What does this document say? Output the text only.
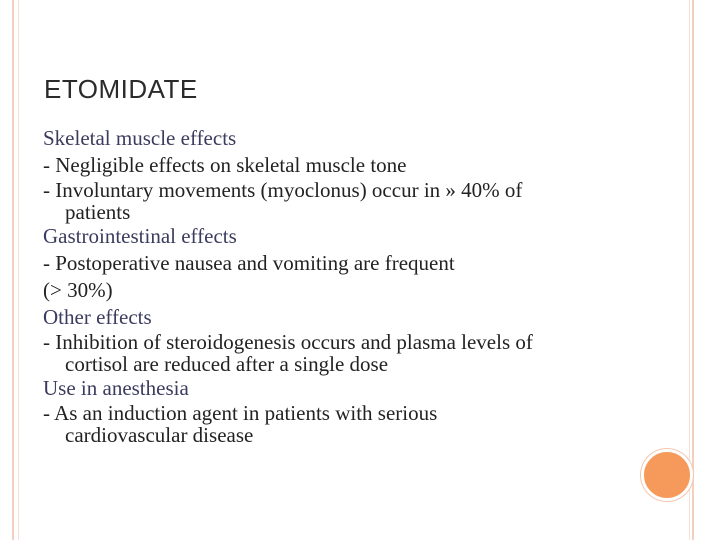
ETOMIDATE
Skeletal muscle effects
- Negligible effects on skeletal muscle tone
- Involuntary movements (myoclonus) occur in » 40% of
patients
Gastrointestinal effects
- Postoperative nausea and vomiting are frequent
(> 30%)
Other effects
- Inhibition of steroidogenesis occurs and plasma levels of
cortisol are reduced after a single dose
Use in anesthesia
- As an induction agent in patients with serious
cardiovascular disease
